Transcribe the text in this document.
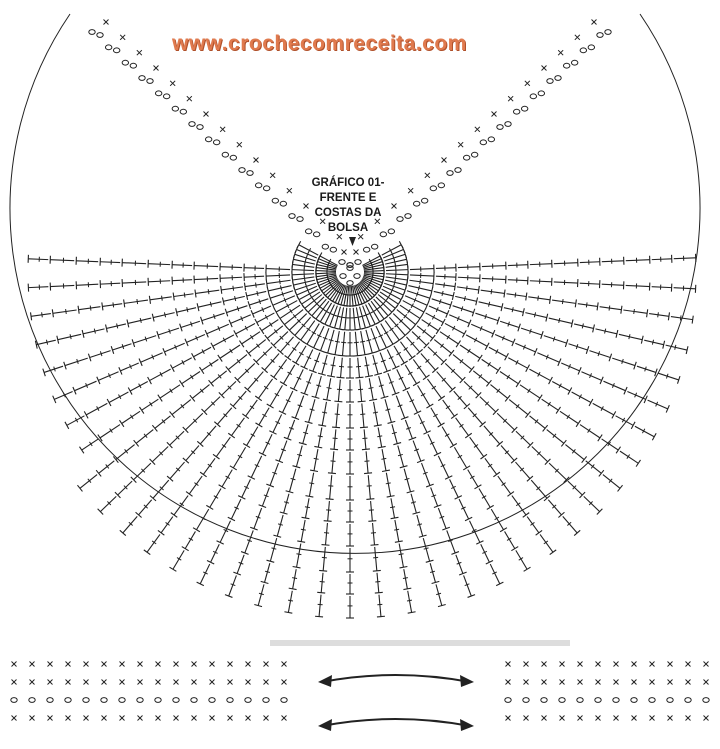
www.crochecomreceita.com
GRÁFICO 01-
FRENTE E
COSTAS DA
BOLSA
